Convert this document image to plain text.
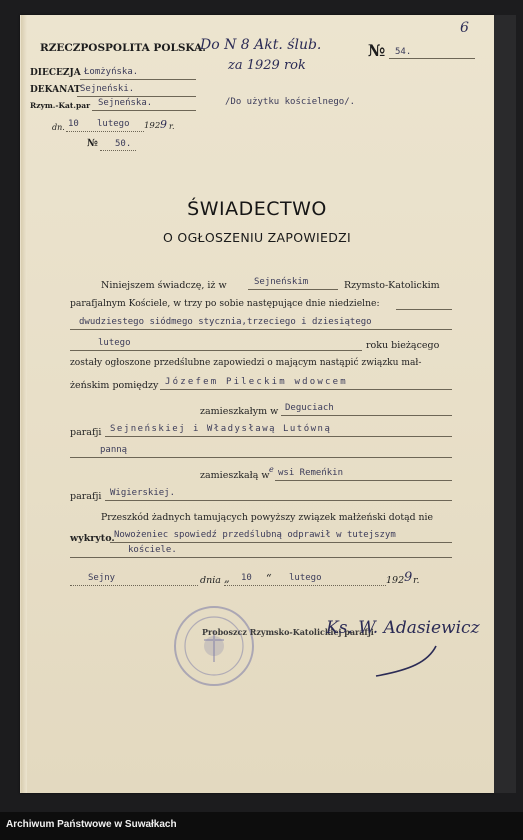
RZECZPOSPOLITA POLSKA.
Do N 8 Akt. ślub.
za 1929 rok
№ 54.
6
DIECEZJA Łomżyńska.
DEKANAT Sejneński.
Rzym.-Kat.par Sejneńska.	/Do użytku kościelnego/.
dn. 10 lutego 192 9 r.
№ 50.
ŚWIADECTWO
O OGŁOSZENIU ZAPOWIEDZI
Niniejszem świadczę, iż w	Sejneńskim	Rzymsto-Katolickim
parafjalnym Kościele, w trzy po sobie następujące dnie niedzielne:
dwudziestego siódmego stycznia,trzeciego i dziesiątego
lutego	roku bieżącego
zostały ogłoszone przedślubne zapowiedzi o mającym nastąpić związku mał-
żeńskim pomiędzy Józefem Pileckim wdowcem
zamieszkałym w Deguciach
parafji Sejneńskiej i Władysławą Lutówną
panną
zamieszkałą w
e wsi Remeńkin
parafji Wigierskiej.
Przeszkód żadnych tamujących powyższy związek małżeński dotąd nie
wykryto. Nowożeniec spowiedź przedślubną odprawił w tutejszym
kościele.
Sejny	dnia „ 10 “ lutego	192 9 r.
Proboszcz Rzymsko-Katolickiej parafji
Ks. W. Adasiewicz
Archiwum Państwowe w Suwałkach
